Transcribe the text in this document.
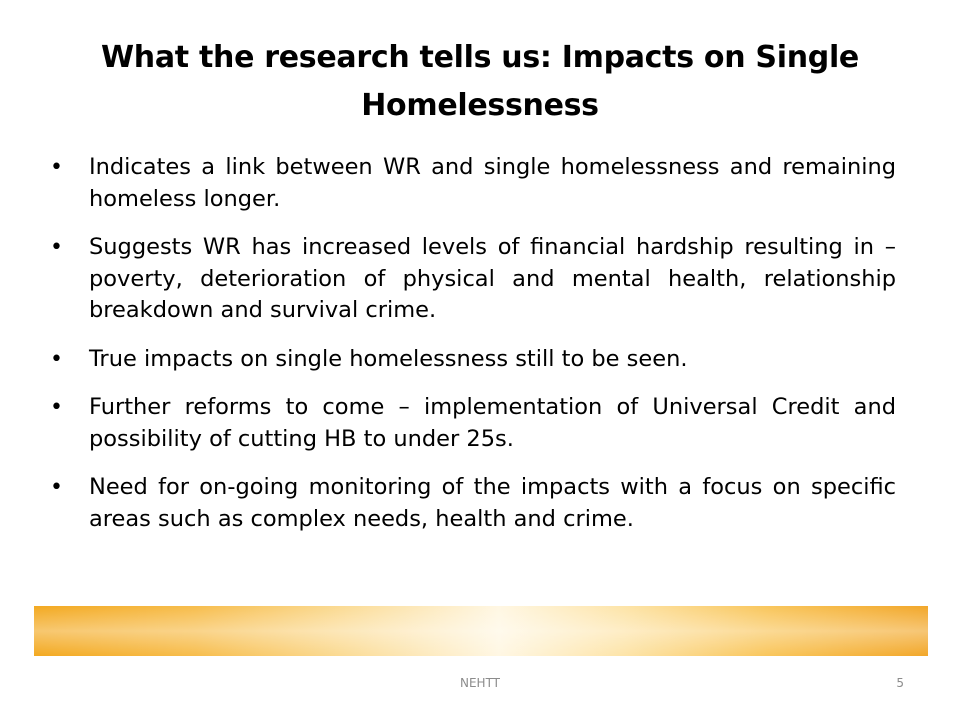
What the research tells us: Impacts on Single
Homelessness
•	Indicates a link between WR and single homelessness and remaining homeless longer.
•	Suggests WR has increased levels of financial hardship resulting in – poverty, deterioration of physical and mental health, relationship breakdown and survival crime.
•	True impacts on single homelessness still to be seen.
•	Further reforms to come – implementation of Universal Credit and possibility of cutting HB to under 25s.
•	Need for on-going monitoring of the impacts with a focus on specific areas such as complex needs, health and crime.
NEHTT	5
